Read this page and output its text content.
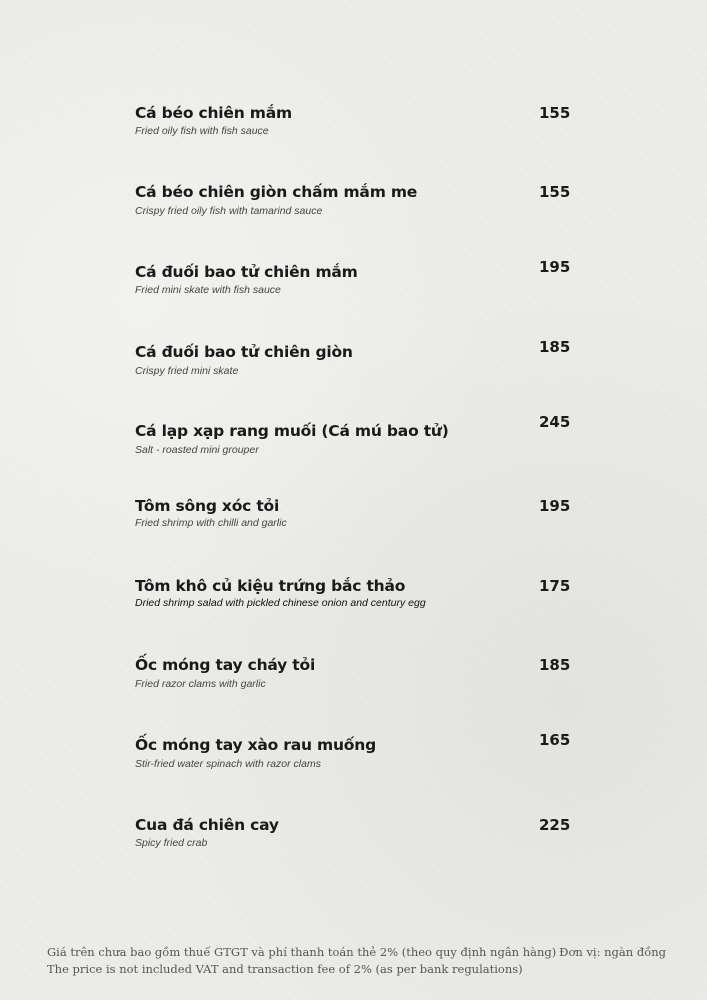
Cá béo chiên mắm
Fried oily fish with fish sauce
155
Cá béo chiên giòn chấm mắm me
Crispy fried oily fish with tamarind sauce
155
Cá đuối bao tử chiên mắm
Fried mini skate with fish sauce
195
Cá đuối bao tử chiên giòn
Crispy fried mini skate
185
Cá lạp xạp rang muối (Cá mú bao tử)
Salt - roasted mini grouper
245
Tôm sông xóc tỏi
Fried shrimp with chilli and garlic
195
Tôm khô củ kiệu trứng bắc thảo
Dried shrimp salad with pickled chinese onion and century egg
175
Ốc móng tay cháy tỏi
Fried razor clams with garlic
185
Ốc móng tay xào rau muống
Stir-fried water spinach with razor clams
165
Cua đá chiên cay
Spicy fried crab
225
Giá trên chưa bao gồm thuế GTGT và phí thanh toán thẻ 2% (theo quy định ngân hàng)
The price is not included VAT and transaction fee of 2% (as per bank regulations)
Đơn vị: ngàn đồng
